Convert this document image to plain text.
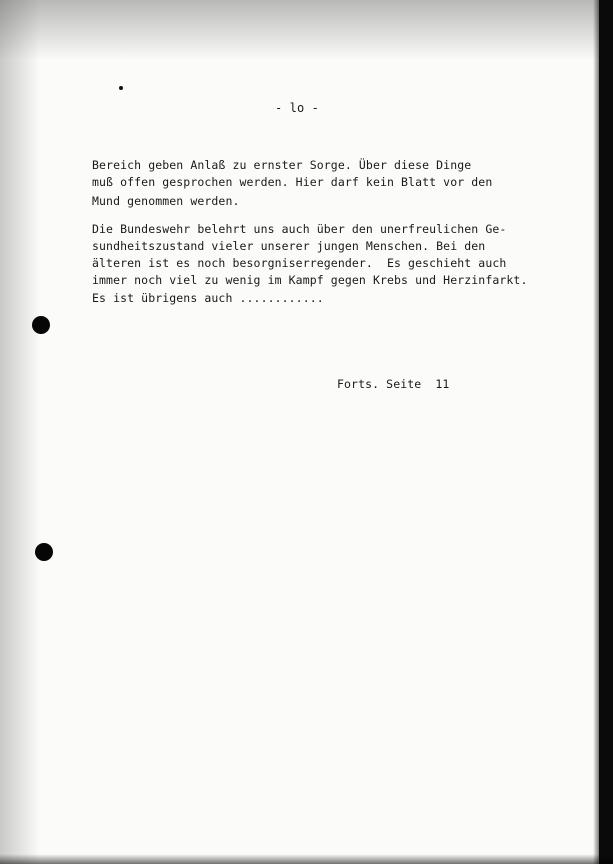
- lo -
Bereich geben Anlaß zu ernster Sorge. Über diese Dinge
muß offen gesprochen werden. Hier darf kein Blatt vor den
Mund genommen werden.
Die Bundeswehr belehrt uns auch über den unerfreulichen Ge-
sundheitszustand vieler unserer jungen Menschen. Bei den
älteren ist es noch besorgniserregender.  Es geschieht auch
immer noch viel zu wenig im Kampf gegen Krebs und Herzinfarkt.
Es ist übrigens auch ............
Forts. Seite  11
